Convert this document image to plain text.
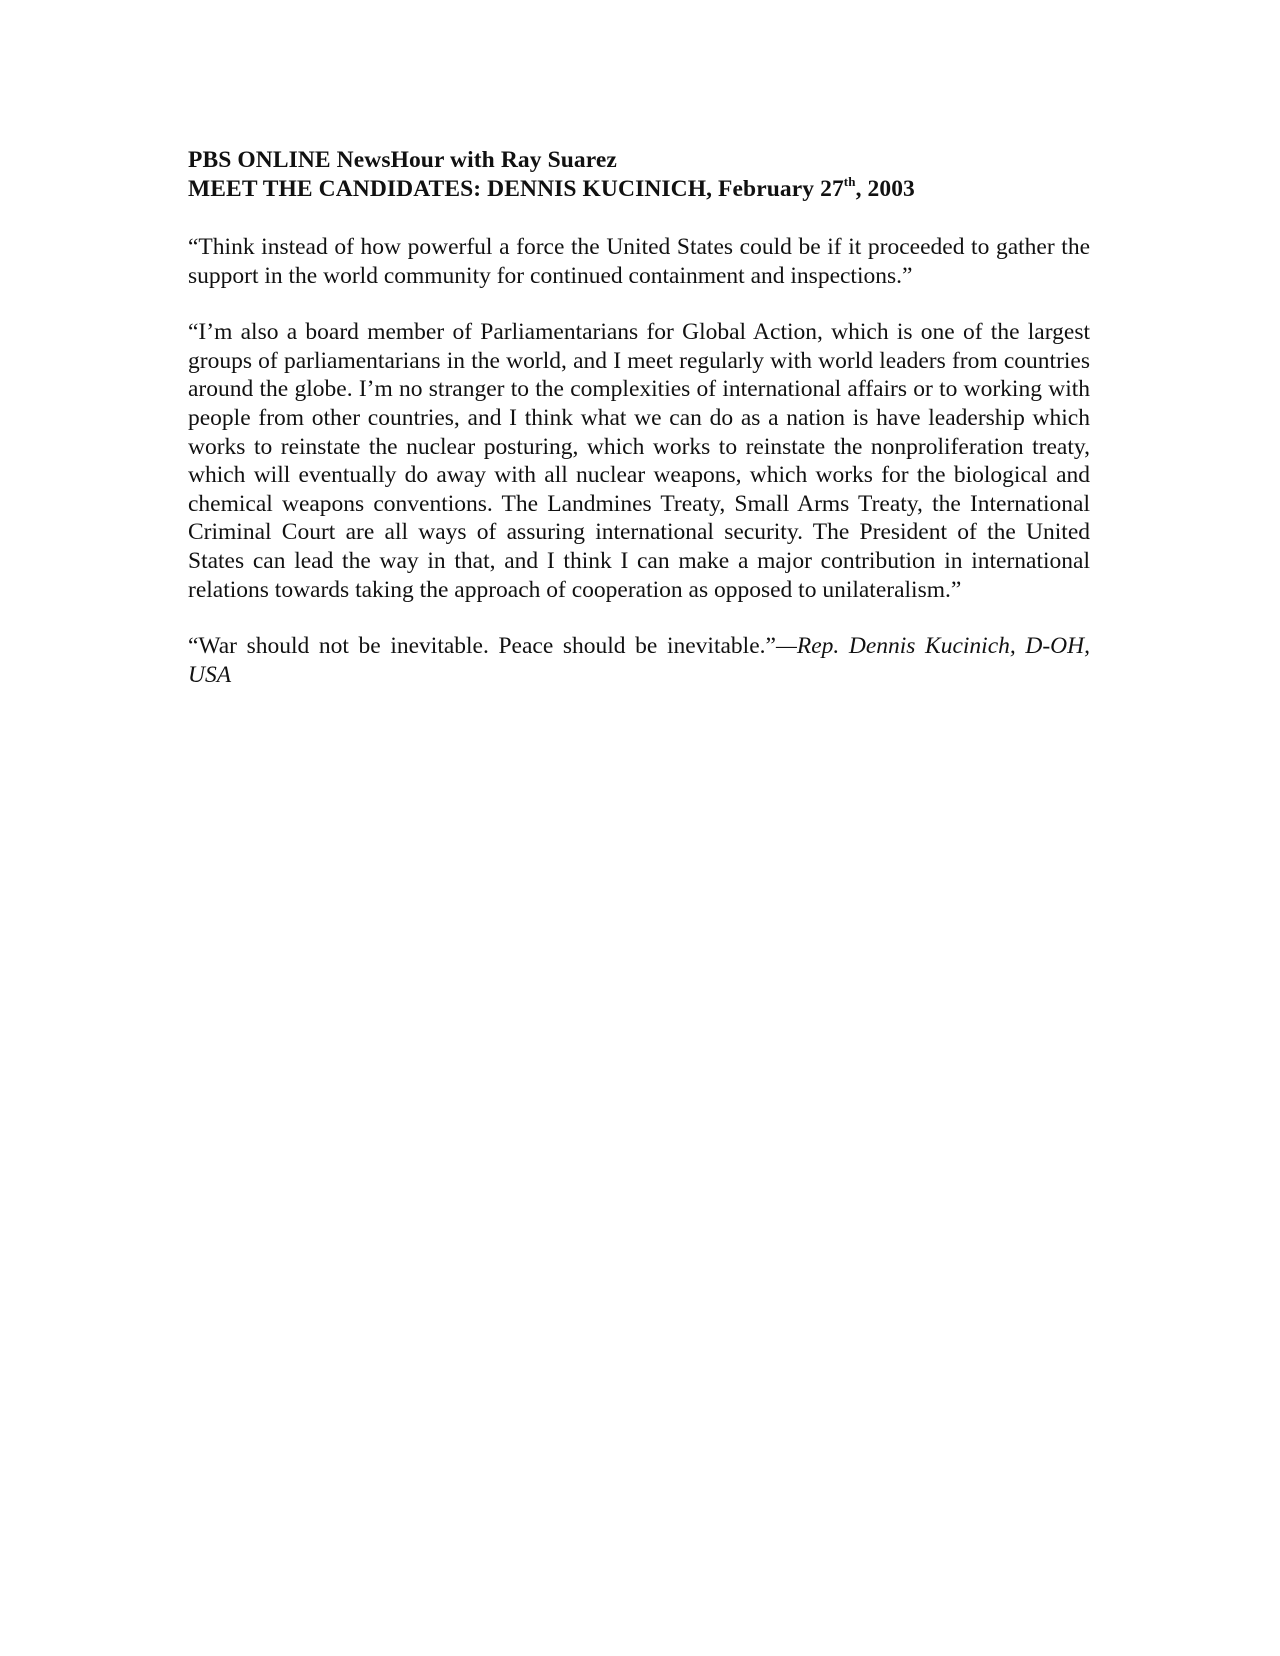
PBS ONLINE NewsHour with Ray Suarez
MEET THE CANDIDATES: DENNIS KUCINICH, February 27th, 2003

“Think instead of how powerful a force the United States could be if it proceeded to gather the support in the world community for continued containment and inspections.”

“I’m also a board member of Parliamentarians for Global Action, which is one of the largest groups of parliamentarians in the world, and I meet regularly with world leaders from countries around the globe. I’m no stranger to the complexities of international affairs or to working with people from other countries, and I think what we can do as a nation is have leadership which works to reinstate the nuclear posturing, which works to reinstate the nonproliferation treaty, which will eventually do away with all nuclear weapons, which works for the biological and chemical weapons conventions. The Landmines Treaty, Small Arms Treaty, the International Criminal Court are all ways of assuring international security. The President of the United States can lead the way in that, and I think I can make a major contribution in international relations towards taking the approach of cooperation as opposed to unilateralism.”

“War should not be inevitable. Peace should be inevitable.”—Rep. Dennis Kucinich, D-OH, USA
